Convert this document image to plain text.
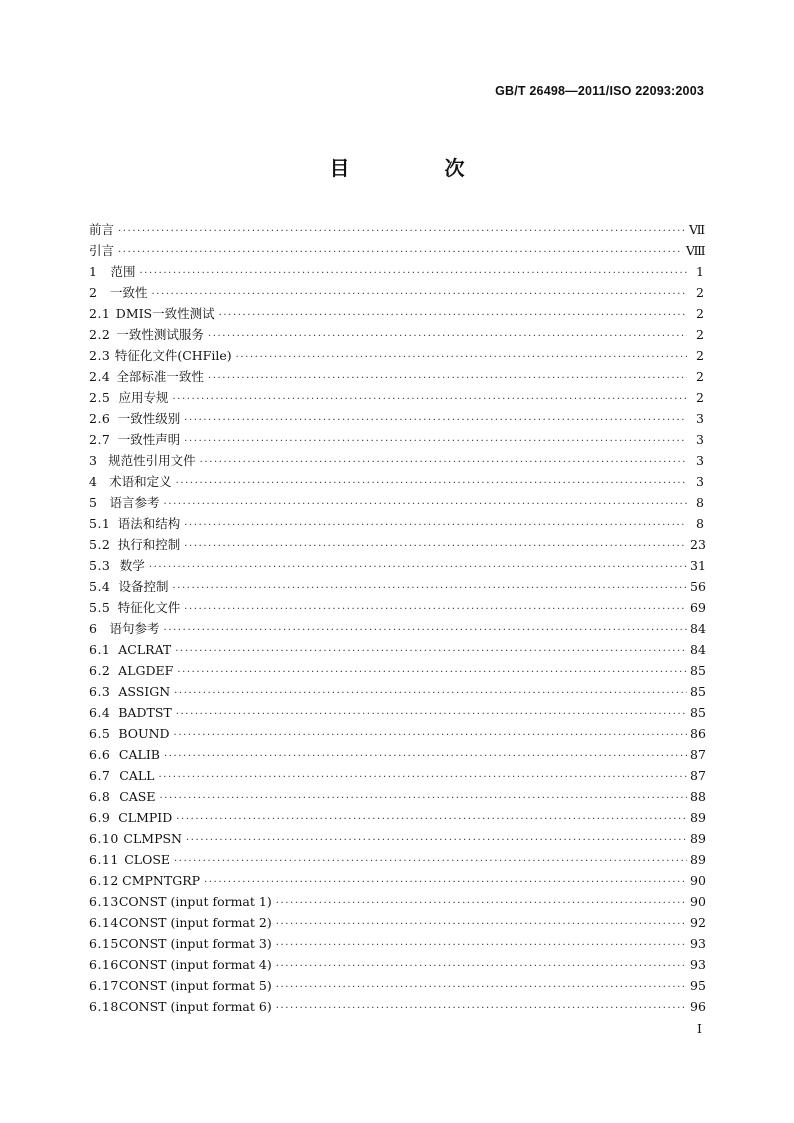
GB/T 26498—2011/ISO 22093:2003
目 次
前言 ·····	Ⅶ
引言 ·····	Ⅷ
1	范围 ·····	1
2	一致性 ·····	2
2.1 DMIS一致性测试 ·····	2
2.2 一致性测试服务 ·····	2
2.3 特征化文件(CHFile) ·····	2
2.4 全部标准一致性 ·····	2
2.5 应用专规 ·····	2
2.6 一致性级别 ·····	3
2.7 一致性声明 ·····	3
3 规范性引用文件 ·····	3
4 术语和定义 ·····	3
5 语言参考 ·····	8
5.1 语法和结构 ·····	8
5.2 执行和控制 ·····	23
5.3 数学 ·····	31
5.4 设备控制 ·····	56
5.5 特征化文件 ·····	69
6 语句参考 ·····	84
6.1 ACLRAT ·····	84
6.2 ALGDEF ·····	85
6.3 ASSIGN ·····	85
6.4 BADTST ·····	85
6.5 BOUND ·····	86
6.6 CALIB ·····	87
6.7 CALL ·····	87
6.8 CASE ·····	88
6.9 CLMPID ·····	89
6.10 CLMPSN ·····	89
6.11 CLOSE ·····	89
6.12 CMPNTGRP ·····	90
6.13 CONST (input format 1) ·····	90
6.14 CONST (input format 2) ·····	92
6.15 CONST (input format 3) ·····	93
6.16 CONST (input format 4) ·····	93
6.17 CONST (input format 5) ·····	95
6.18 CONST (input format 6) ·····	96
I
